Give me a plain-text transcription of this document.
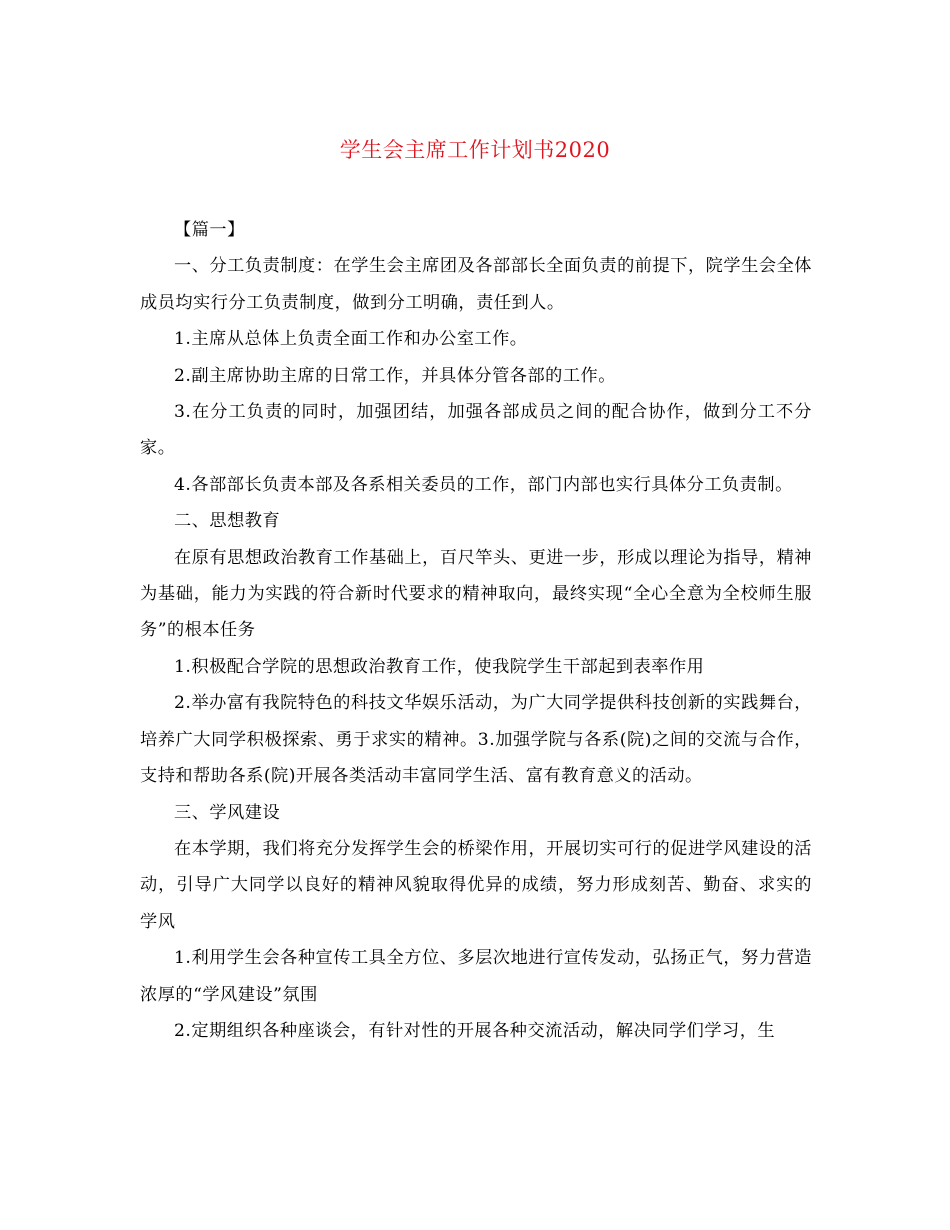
学生会主席工作计划书2020

【篇一】

一、分工负责制度：在学生会主席团及各部部长全面负责的前提下，院学生会全体成员均实行分工负责制度，做到分工明确，责任到人。

1.主席从总体上负责全面工作和办公室工作。

2.副主席协助主席的日常工作，并具体分管各部的工作。

3.在分工负责的同时，加强团结，加强各部成员之间的配合协作，做到分工不分家。

4.各部部长负责本部及各系相关委员的工作，部门内部也实行具体分工负责制。

二、思想教育

在原有思想政治教育工作基础上，百尺竿头、更进一步，形成以理论为指导，精神为基础，能力为实践的符合新时代要求的精神取向，最终实现“全心全意为全校师生服务”的根本任务

1.积极配合学院的思想政治教育工作，使我院学生干部起到表率作用

2.举办富有我院特色的科技文华娱乐活动，为广大同学提供科技创新的实践舞台，培养广大同学积极探索、勇于求实的精神。3.加强学院与各系(院)之间的交流与合作，支持和帮助各系(院)开展各类活动丰富同学生活、富有教育意义的活动。

三、学风建设

在本学期，我们将充分发挥学生会的桥梁作用，开展切实可行的促进学风建设的活动，引导广大同学以良好的精神风貌取得优异的成绩，努力形成刻苦、勤奋、求实的学风

1.利用学生会各种宣传工具全方位、多层次地进行宣传发动，弘扬正气，努力营造浓厚的“学风建设”氛围

2.定期组织各种座谈会，有针对性的开展各种交流活动，解决同学们学习，生
